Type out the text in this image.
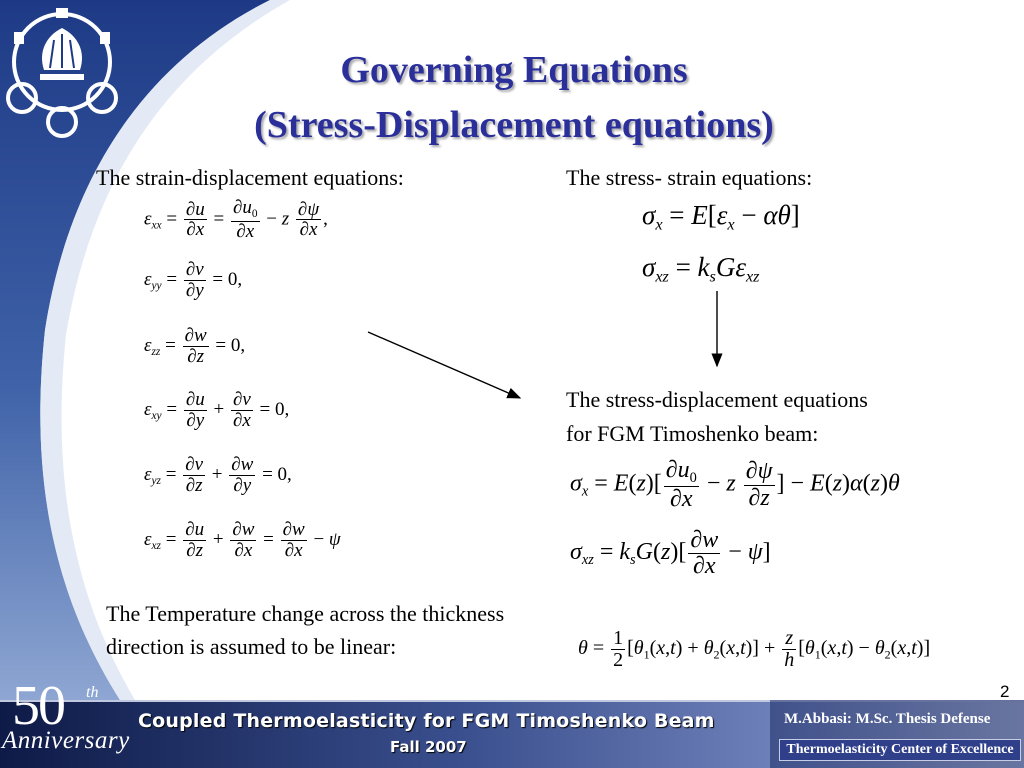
Governing Equations
(Stress-Displacement equations)
The strain-displacement equations:	The stress- strain equations:
$\varepsilon_{xx} = \frac{\partial u}{\partial x} = \frac{\partial u_0}{\partial x} - z \frac{\partial\psi}{\partial x}$ ,
$\varepsilon_{yy} = \frac{\partial v}{\partial y} = 0$,
$\varepsilon_{zz} = \frac{\partial w}{\partial z} = 0$,
$\varepsilon_{xy} = \frac{\partial u}{\partial y} + \frac{\partial v}{\partial x} = 0$,
$\varepsilon_{yz} = \frac{\partial v}{\partial z} + \frac{\partial w}{\partial y} = 0$,
$\varepsilon_{xz} = \frac{\partial u}{\partial z} + \frac{\partial w}{\partial x} = \frac{\partial w}{\partial x} - \psi$
$\sigma_x = E[\varepsilon_x - \alpha\theta]$
$\sigma_{xz} = k_sG\varepsilon_{xz}$
The stress-displacement equations
for FGM Timoshenko beam:
$\sigma_x = E(z)[ \frac{\partial u_0}{\partial x} - z \frac{\partial\psi}{\partial z}$ ] − E(z)α(z)θ
$\sigma_{xz} = k_sG(z)[ \frac{\partial w}{\partial x} - \psi]$
The Temperature change across the thickness
direction is assumed to be linear:	$\theta = \frac{1}{2} [\theta_1(x,t) + \theta_2(x,t)] + \frac{z}{h} [\theta_1(x,t) - \theta_2(x,t)]$
2
50 th
Anniversary
Coupled Thermoelasticity for FGM Timoshenko Beam
Fall 2007
M.Abbasi: M.Sc. Thesis Defense
Thermoelasticity Center of Excellence
